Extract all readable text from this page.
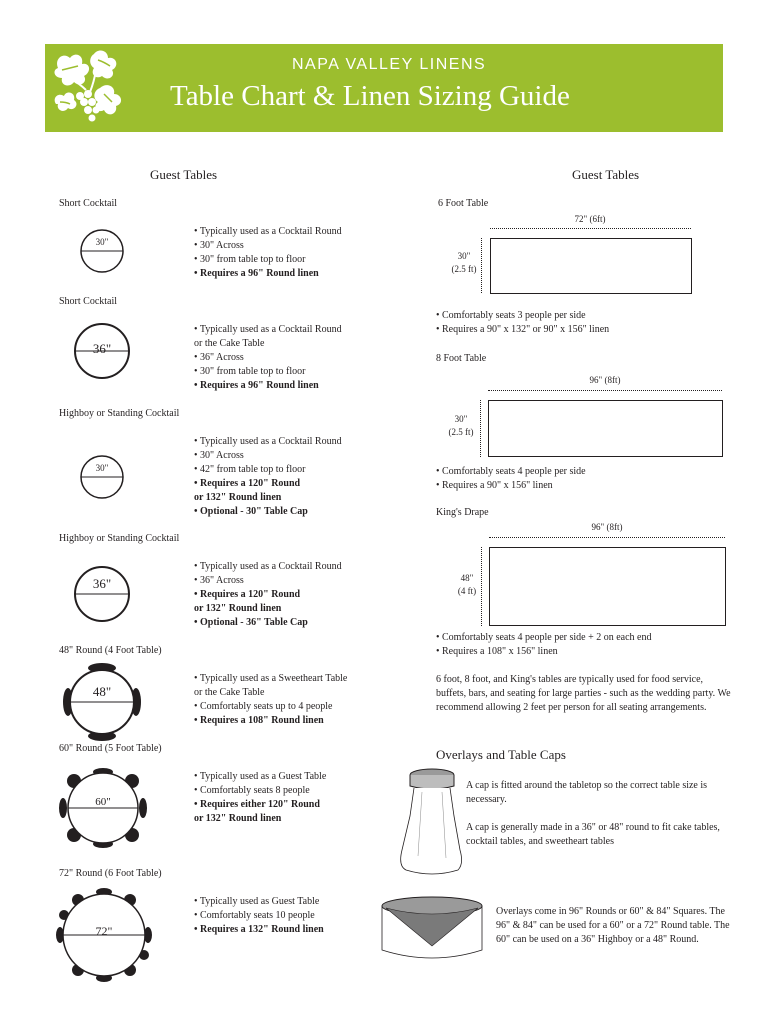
NAPA VALLEY LINENS
Table Chart & Linen Sizing Guide
Guest Tables
Short Cocktail
30"
• Typically used as a Cocktail Round
• 30" Across
• 30" from table top to floor
• Requires a 96" Round linen
Short Cocktail
36"
• Typically used as a Cocktail Round
or the Cake Table
• 36" Across
• 30" from table top to floor
• Requires a 96" Round linen
Highboy or Standing Cocktail
30"
• Typically used as a Cocktail Round
• 30" Across
• 42" from table top to floor
• Requires a 120" Round
or 132" Round linen
• Optional - 30" Table Cap
Highboy or Standing Cocktail
36"
• Typically used as a Cocktail Round
• 36" Across
• Requires a 120" Round
or 132" Round linen
• Optional - 36" Table Cap
48" Round (4 Foot Table)
48"
• Typically used as a Sweetheart Table
or the Cake Table
• Comfortably seats up to 4 people
• Requires a 108" Round linen
60" Round (5 Foot Table)
60"
• Typically used as a Guest Table
• Comfortably seats 8 people
• Requires either 120" Round
or 132" Round linen
72" Round (6 Foot Table)
72"
• Typically used as Guest Table
• Comfortably seats 10 people
• Requires a 132" Round linen
Guest Tables
6 Foot Table
72" (6ft)
30"
(2.5 ft)
• Comfortably seats 3 people per side
• Requires a 90" x 132" or 90" x 156" linen
8 Foot Table
96" (8ft)
30"
(2.5 ft)
• Comfortably seats 4 people per side
• Requires a 90" x 156" linen
King's Drape
96" (8ft)
48"
(4 ft)
• Comfortably seats 4 people per side + 2 on each end
• Requires a 108" x 156" linen
6 foot, 8 foot, and King's tables are typically used for food service, buffets, bars, and seating for large parties - such as the wedding party. We recommend allowing 2 feet per person for all seating arrangements.
Overlays and Table Caps
A cap is fitted around the tabletop so the correct table size is necessary.
A cap is generally made in a 36" or 48" round to fit cake tables, cocktail tables, and sweetheart tables
Overlays come in 96" Rounds or 60" & 84" Squares. The 96" & 84" can be used for a 60" or a 72" Round table. The 60" can be used on a 36" Highboy or a 48" Round.
